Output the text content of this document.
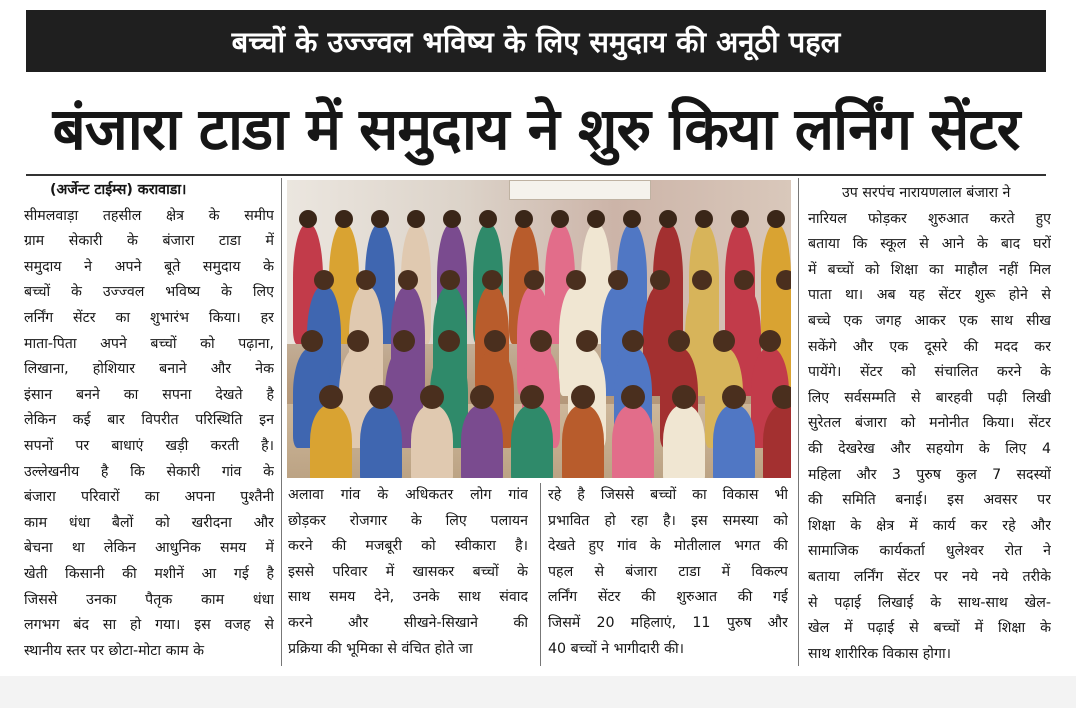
बच्चों के उज्ज्वल भविष्य के लिए समुदाय की अनूठी पहल
बंजारा टाडा में समुदाय ने शुरु किया लर्निंग सेंटर
(अर्जेन्ट टाईम्स) करावाडा।
सीमलवाड़ा तहसील क्षेत्र के समीप
ग्राम सेकारी के बंजारा टाडा में
समुदाय ने अपने बूते समुदाय के
बच्चों के उज्ज्वल भविष्य के लिए
लर्निंग सेंटर का शुभारंभ किया। हर
माता-पिता अपने बच्चों को पढ़ाना,
लिखाना, होशियार बनाने और नेक
इंसान बनने का सपना देखते है
लेकिन कई बार विपरीत परिस्थिति इन
सपनों पर बाधाएं खड़ी करती है।
उल्लेखनीय है कि सेकारी गांव के
बंजारा परिवारों का अपना पुश्तैनी
काम धंधा बैलों को खरीदना और
बेचना था लेकिन आधुनिक समय में
खेती किसानी की मशीनें आ गई है
जिससे उनका पैतृक काम धंधा
लगभग बंद सा हो गया। इस वजह से
स्थानीय स्तर पर छोटा-मोटा काम के
अलावा गांव के अधिकतर लोग गांव
छोड़कर रोजगार के लिए पलायन
करने की मजबूरी को स्वीकारा है।
इससे परिवार में खासकर बच्चों के
साथ समय देने, उनके साथ संवाद
करने और सीखने-सिखाने की
प्रक्रिया की भूमिका से वंचित होते जा
रहे है जिससे बच्चों का विकास भी
प्रभावित हो रहा है। इस समस्या को
देखते हुए गांव के मोतीलाल भगत की
पहल से बंजारा टाडा में विकल्प
लर्निंग सेंटर की शुरुआत की गई
जिसमें 20 महिलाएं, 11 पुरुष और
40 बच्चों ने भागीदारी की।
उप सरपंच नारायणलाल बंजारा ने
नारियल फोड़कर शुरुआत करते हुए
बताया कि स्कूल से आने के बाद घरों
में बच्चों को शिक्षा का माहौल नहीं मिल
पाता था। अब यह सेंटर शुरू होने से
बच्चे एक जगह आकर एक साथ सीख
सकेंगे और एक दूसरे की मदद कर
पायेंगे। सेंटर को संचालित करने के
लिए सर्वसम्मति से बारहवी पढ़ी लिखी
सुरेतल बंजारा को मनोनीत किया। सेंटर
की देखरेख और सहयोग के लिए 4
महिला और 3 पुरुष कुल 7 सदस्यों
की समिति बनाई। इस अवसर पर
शिक्षा के क्षेत्र में कार्य कर रहे और
सामाजिक कार्यकर्ता धुलेश्वर रोत ने
बताया लर्निंग सेंटर पर नये नये तरीके
से पढ़ाई लिखाई के साथ-साथ खेल-
खेल में पढ़ाई से बच्चों में शिक्षा के
साथ शारीरिक विकास होगा।
